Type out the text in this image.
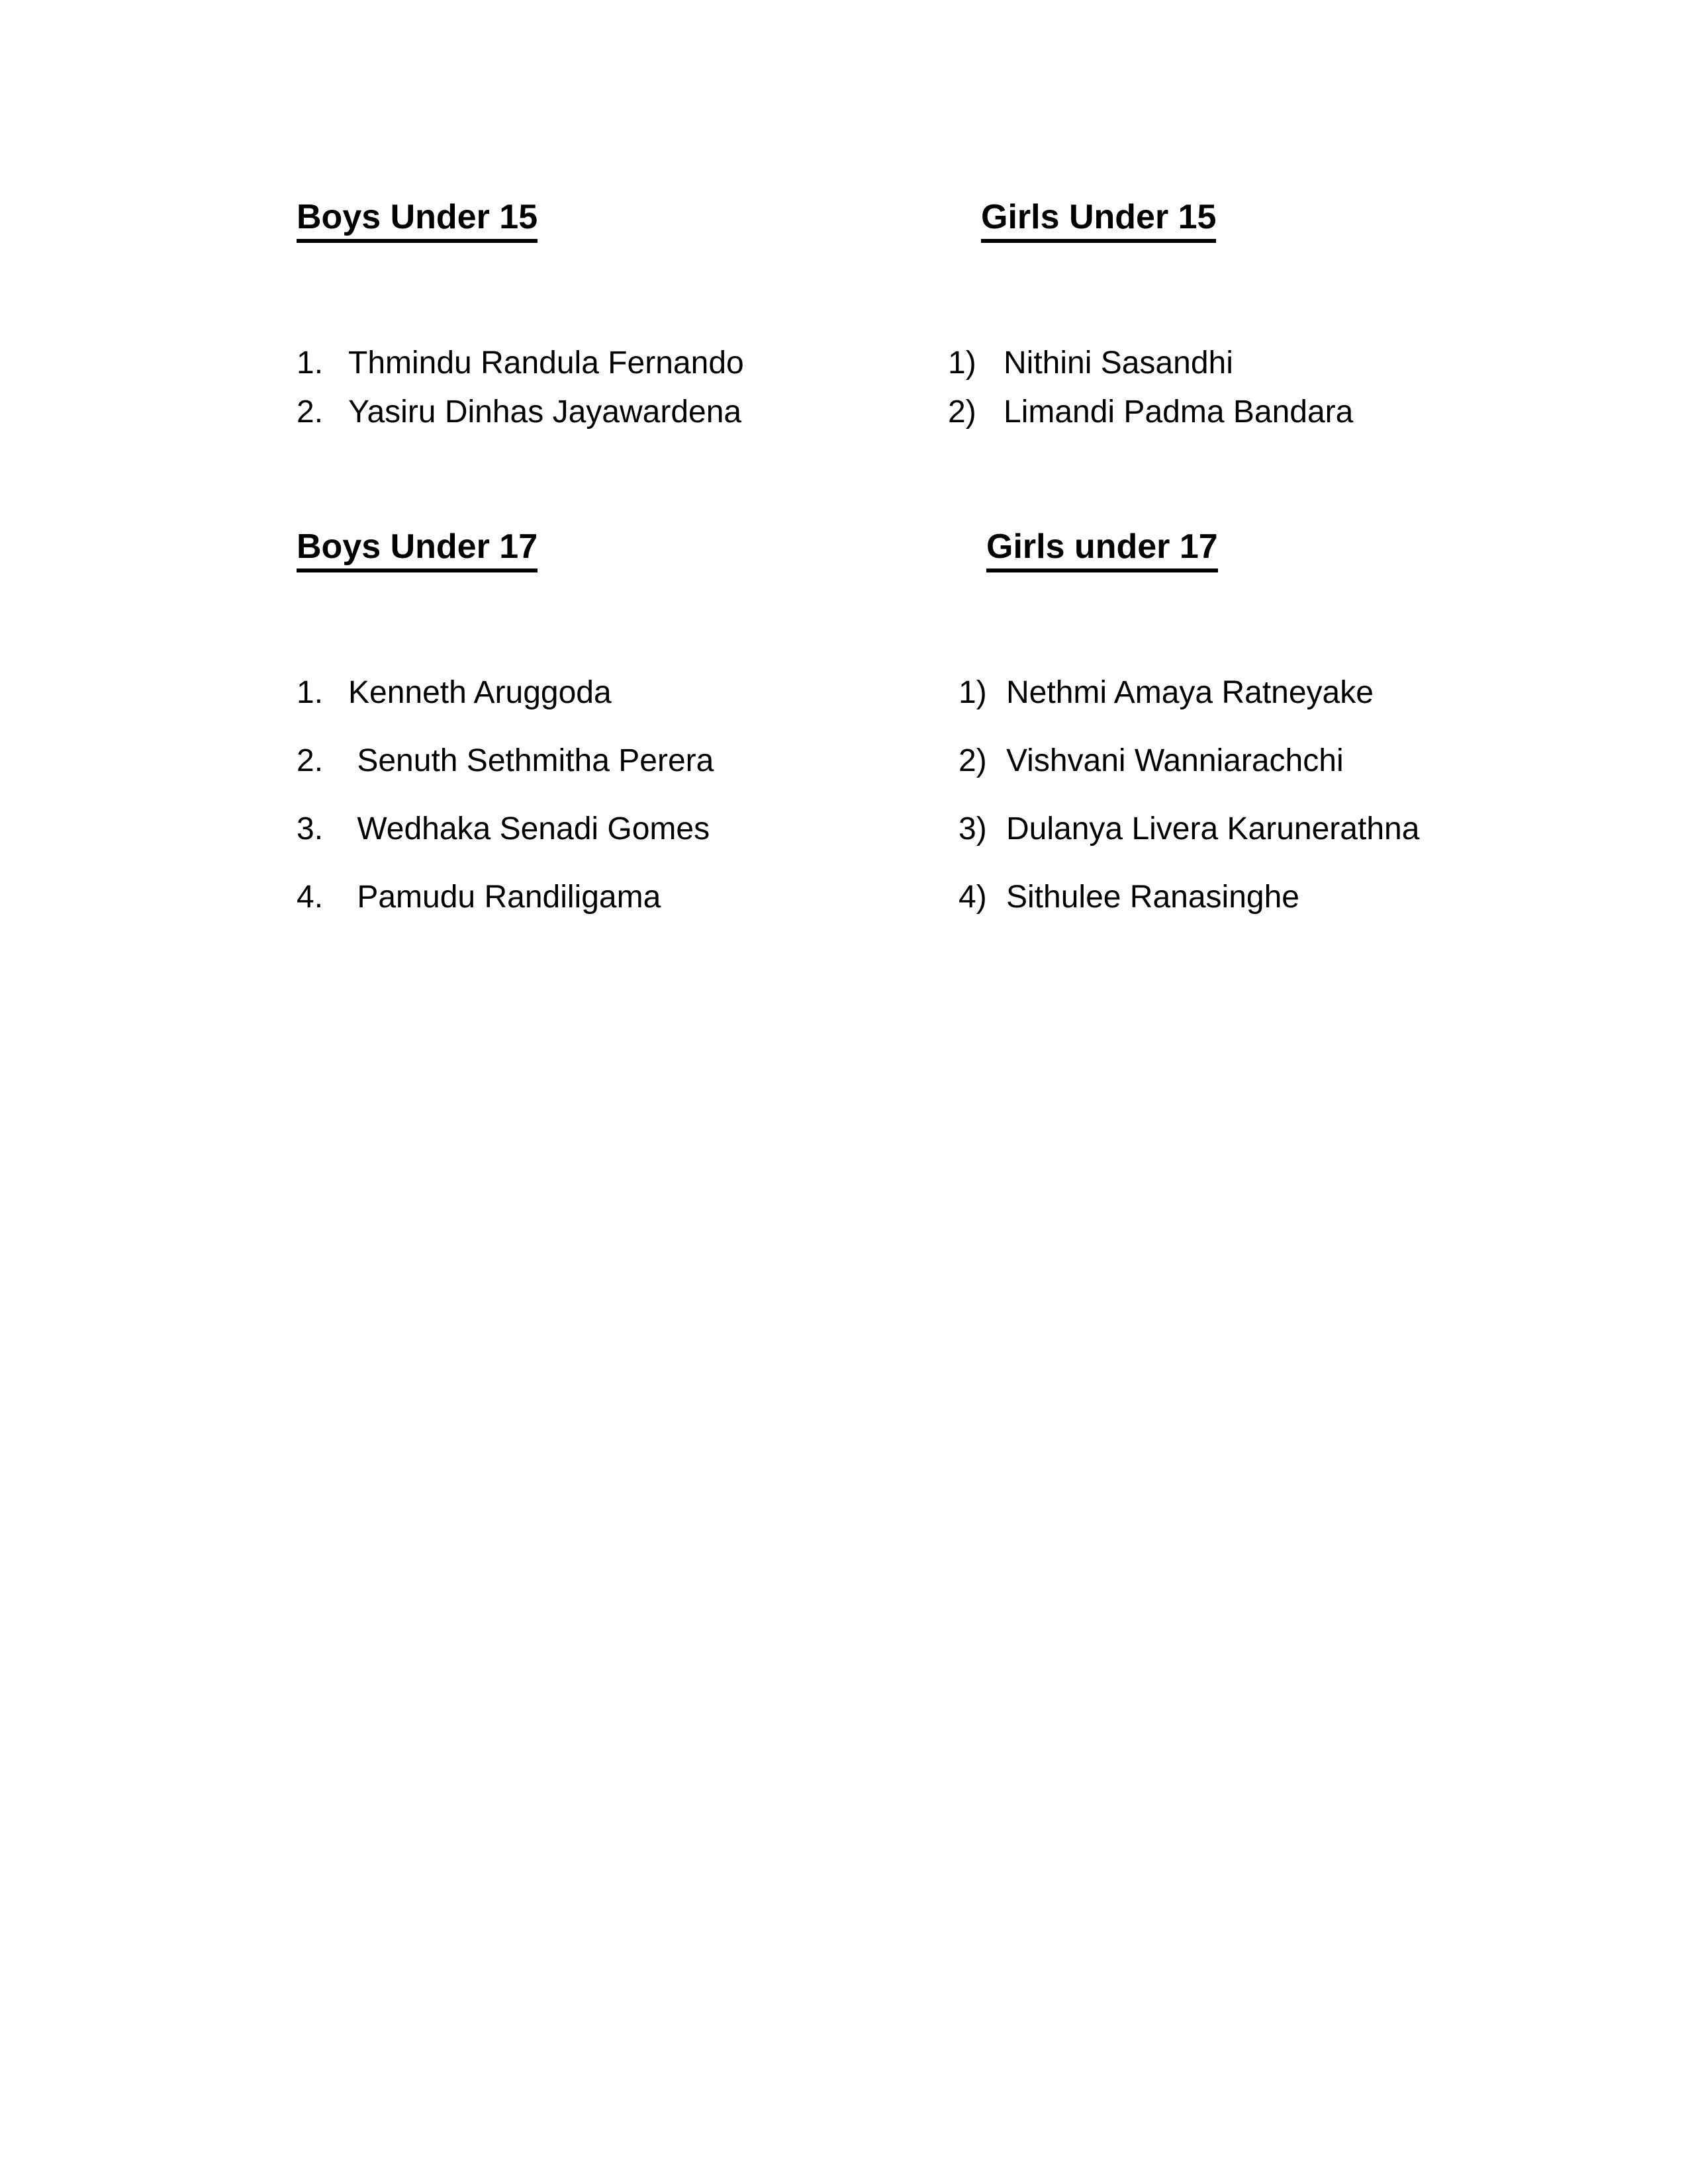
Boys Under 15
1. Thmindu Randula Fernando
2. Yasiru Dinhas Jayawardena
Girls Under 15
1) Nithini Sasandhi
2) Limandi Padma Bandara
Boys Under 17
1. Kenneth Aruggoda
2. Senuth Sethmitha Perera
3. Wedhaka Senadi Gomes
4. Pamudu Randiligama
Girls under 17
1) Nethmi Amaya Ratneyake
2) Vishvani Wanniarachchi
3) Dulanya Livera Karunerathna
4) Sithulee Ranasinghe
